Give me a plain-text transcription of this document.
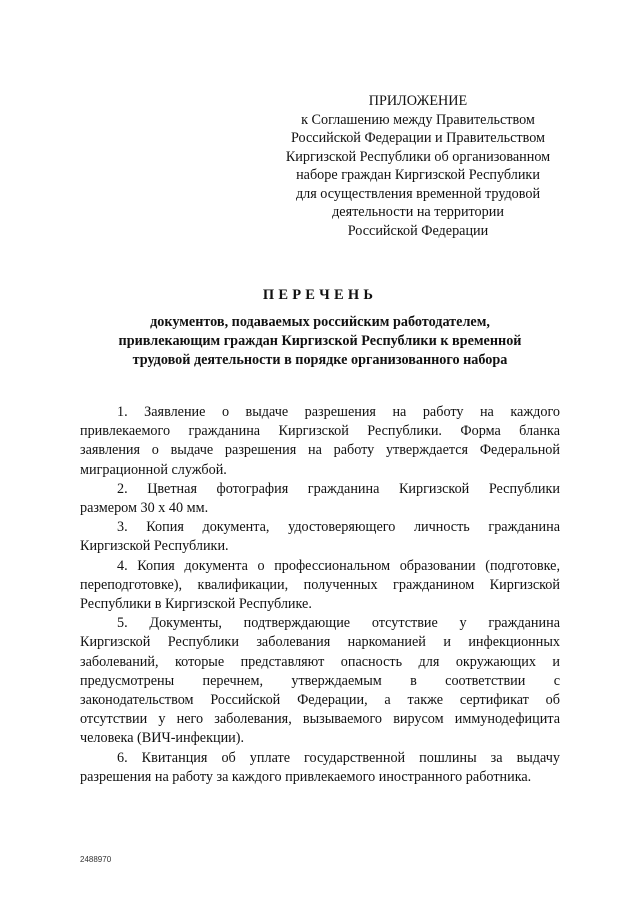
ПРИЛОЖЕНИЕ
к Соглашению между Правительством
Российской Федерации и Правительством
Киргизской Республики об организованном
наборе граждан Киргизской Республики
для осуществления временной трудовой
деятельности на территории
Российской Федерации
ПЕРЕЧЕНЬ
документов, подаваемых российским работодателем,
привлекающим граждан Киргизской Республики к временной
трудовой деятельности в порядке организованного набора
1. Заявление о выдаче разрешения на работу на каждого
привлекаемого гражданина Киргизской Республики. Форма бланка
заявления о выдаче разрешения на работу утверждается Федеральной
миграционной службой.
2. Цветная фотография гражданина Киргизской Республики
размером 30 х 40 мм.
3. Копия документа, удостоверяющего личность гражданина
Киргизской Республики.
4. Копия документа о профессиональном образовании (подготовке,
переподготовке), квалификации, полученных гражданином Киргизской
Республики в Киргизской Республике.
5. Документы, подтверждающие отсутствие у гражданина
Киргизской Республики заболевания наркоманией и инфекционных
заболеваний, которые представляют опасность для окружающих и
предусмотрены перечнем, утверждаемым в соответствии с
законодательством Российской Федерации, а также сертификат об
отсутствии у него заболевания, вызываемого вирусом иммунодефицита
человека (ВИЧ-инфекции).
6. Квитанция об уплате государственной пошлины за выдачу
разрешения на работу за каждого привлекаемого иностранного работника.
2488970
